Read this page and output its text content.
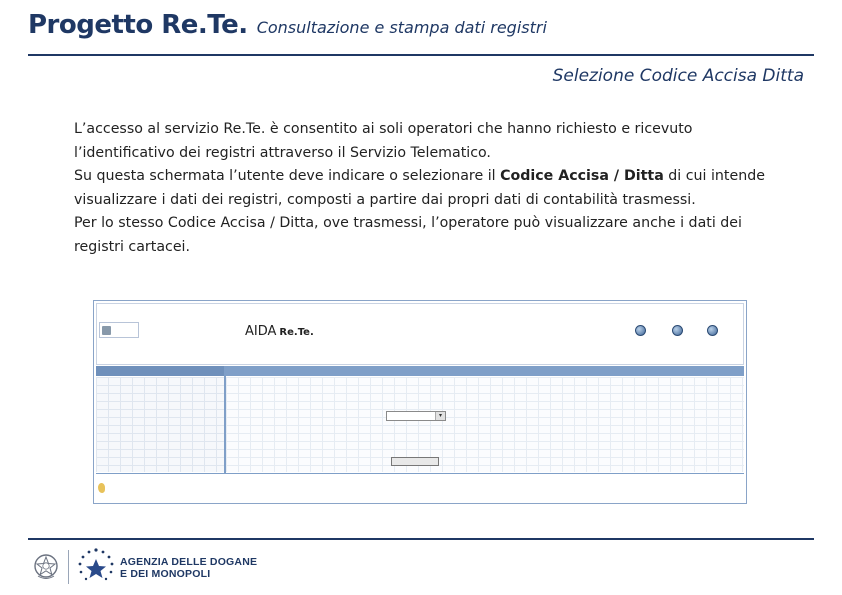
Progetto Re.Te. Consultazione e stampa dati registri
Selezione Codice Accisa Ditta

L’accesso al servizio Re.Te. è consentito ai soli operatori che hanno richiesto e ricevuto l’identificativo dei registri attraverso il Servizio Telematico.

Su questa schermata l’utente deve indicare o selezionare il Codice Accisa / Ditta di cui intende visualizzare i dati dei registri, composti a partire dai propri dati di contabilità trasmessi.

Per lo stesso Codice Accisa / Ditta, ove trasmessi, l’operatore può visualizzare anche i dati dei registri cartacei.

AIDA Re.Te.
▾
AGENZIA DELLE DOGANE
E DEI MONOPOLI
